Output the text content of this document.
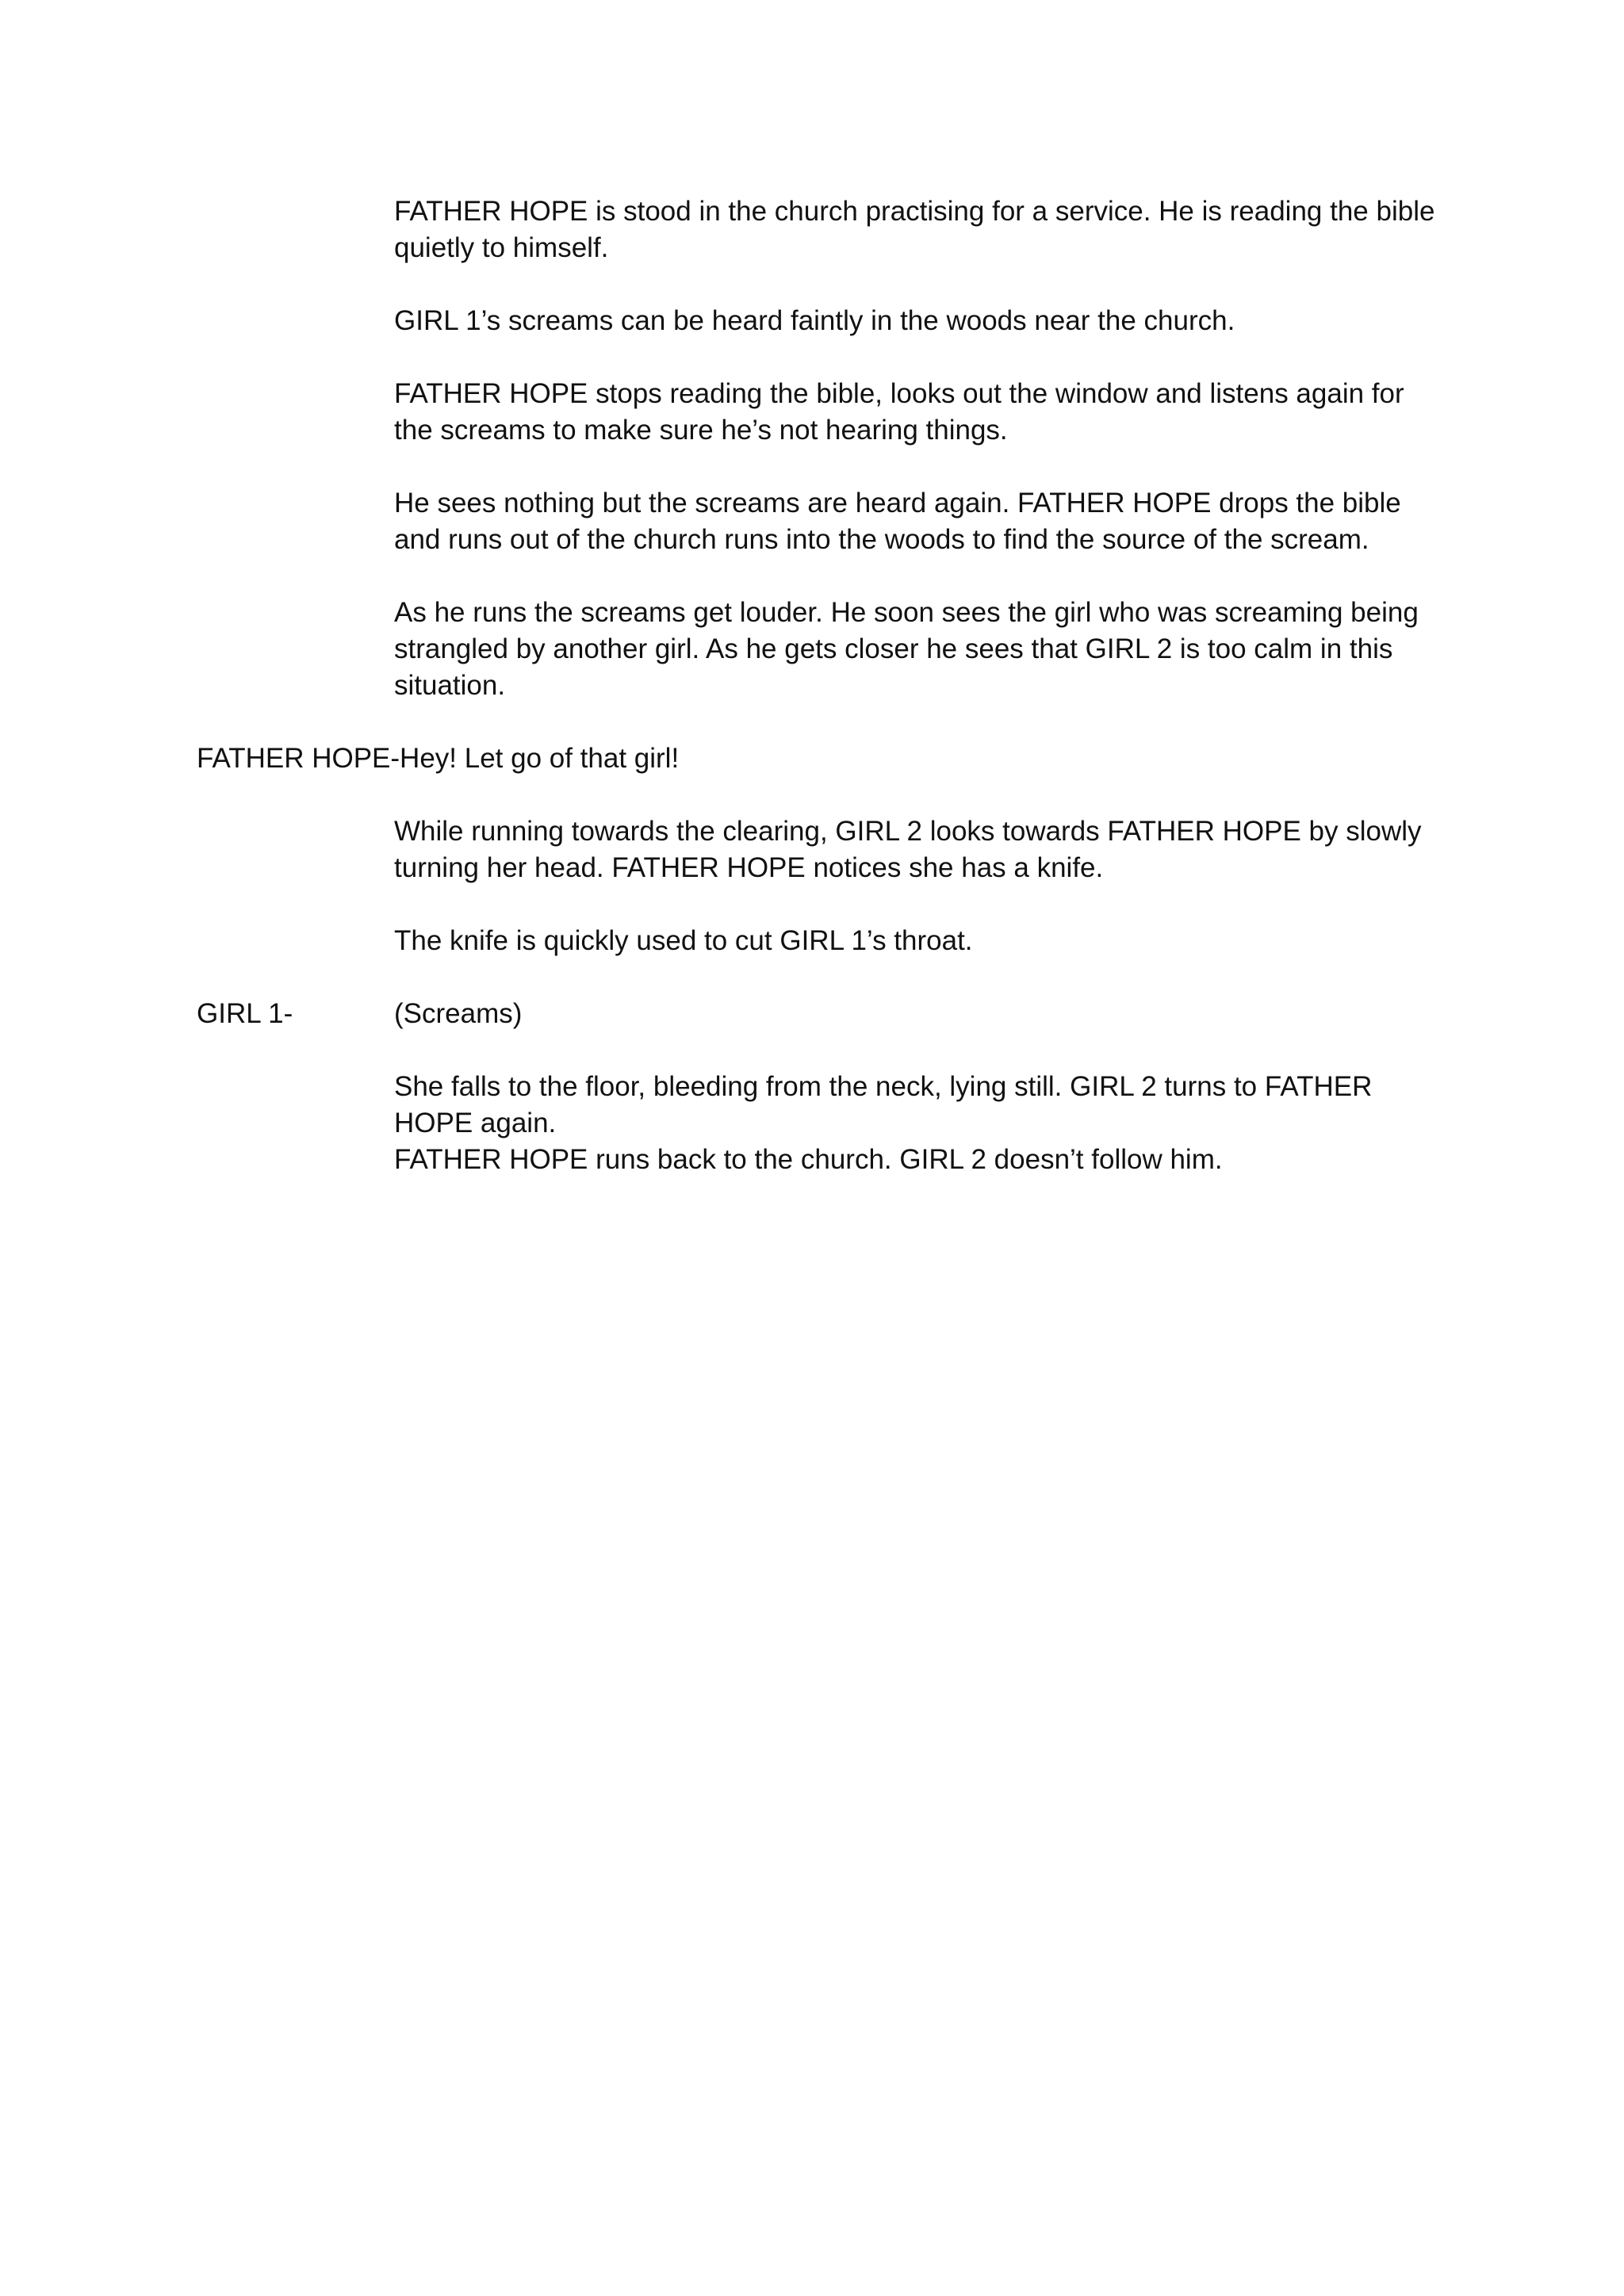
FATHER HOPE is stood in the church practising for a service. He is reading the bible quietly to himself.
GIRL 1’s screams can be heard faintly in the woods near the church.
FATHER HOPE stops reading the bible, looks out the window and listens again for the screams to make sure he’s not hearing things.
He sees nothing but the screams are heard again. FATHER HOPE drops the bible and runs out of the church runs into the woods to find the source of the scream.
As he runs the screams get louder. He soon sees the girl who was screaming being strangled by another girl. As he gets closer he sees that GIRL 2 is too calm in this situation.
FATHER HOPE- Hey! Let go of that girl!
While running towards the clearing, GIRL 2 looks towards FATHER HOPE by slowly turning her head. FATHER HOPE notices she has a knife.
The knife is quickly used to cut GIRL 1’s throat.
GIRL 1-	(Screams)
She falls to the floor, bleeding from the neck, lying still. GIRL 2 turns to FATHER HOPE again.
FATHER HOPE runs back to the church. GIRL 2 doesn’t follow him.
